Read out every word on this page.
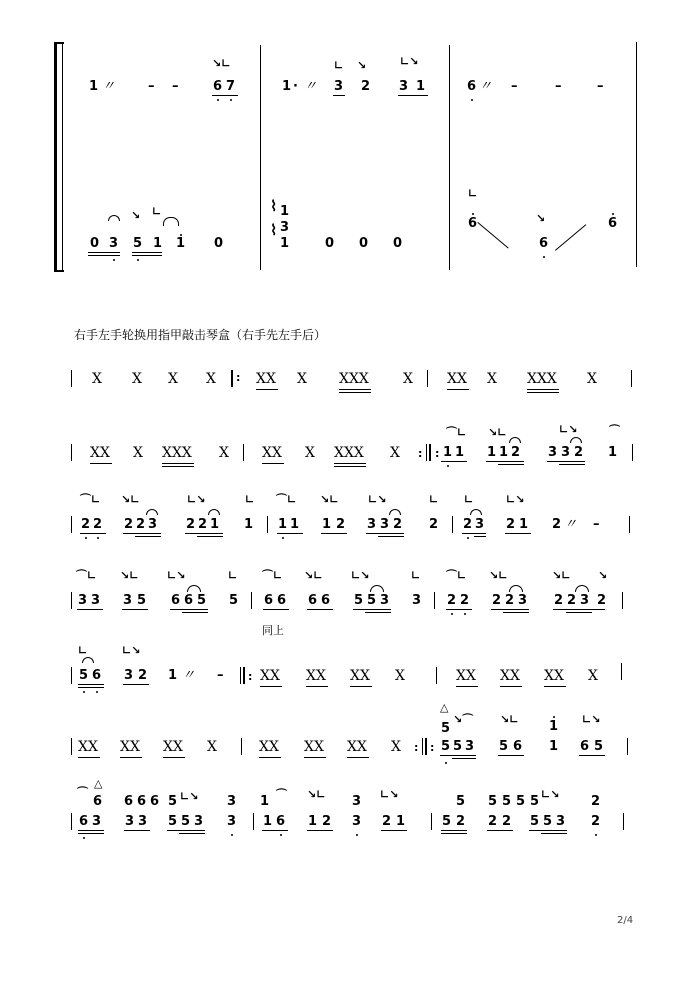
1 〃	– –	6 7
↘∟
1 · 〃 3 2 3 1
∟ ↘	∟↘
6 〃 –	–	–
0 3 5 1 1 0
↘ ∟	⌇ 1
3
1
⌇
0 0 0
∟
6	↘
6
6
右手左手轮换用指甲敲击琴盒（右手先左手后）
X X X X : XX X XXX X XX X XXX X
XX X XXX X XX X XXX X : :
⌒∟
1 1
↘∟
1 1 2
∟↘
3 3 2
⌒
1
⌒∟ ↘∟	∟↘	∟ ⌒∟ ↘∟	∟↘	∟ ∟	∟↘
2 2 2 2 3 2 2 1 1 1 1 1 2 3 3 2 2 2 3 2 1 2 〃 –
⌒∟ ↘∟	∟↘	∟ ⌒∟ ↘∟	∟↘	∟ ⌒∟ ↘∟	↘∟	↘
3 3 3 5 6 6 5 5 6 6 6 6 5 5 3 3 2 2 2 2 3 2 2 3 2
同上
∟	∟↘
5 6 3 2 1 〃 – : XX XX XX X	XX XX XX X
XX XX XX X	XX XX XX X : :
△
5
↘⌒ ↘∟	∟↘
5 5 3 5 6
1
1 6 5
⌒
△
6 6 6 6 5 ∟↘ 3
6 3 3 3 5 5 3 3
1 ⌒ ↘∟ 3 ∟↘
1 6 1 2 3 2 1
5 5 5 5 5 ∟↘ 2
5 2 2 2 5 5 3 2
2/4
